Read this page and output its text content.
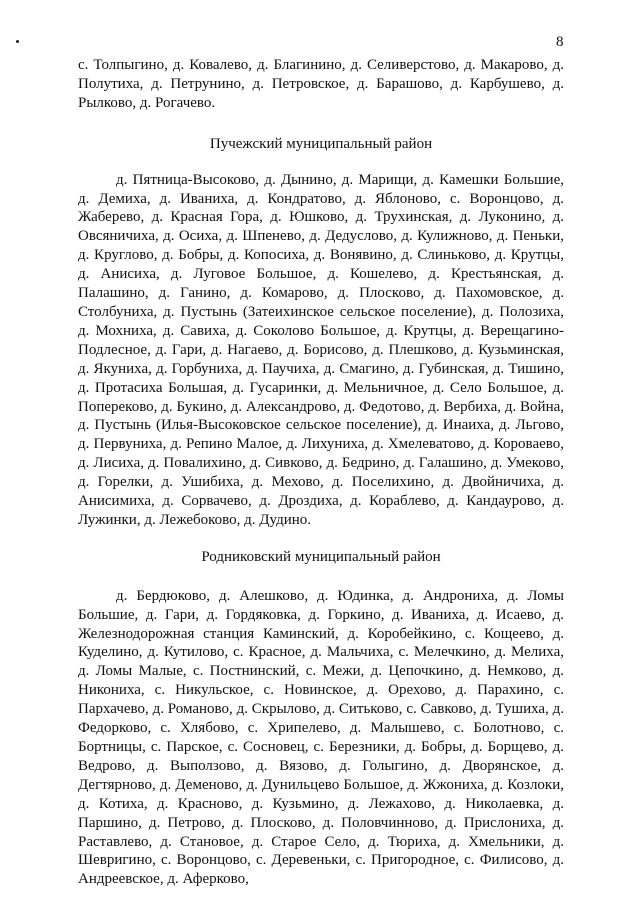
8

с. Толпыгино, д. Ковалево, д. Благинино, д. Селиверстово, д. Макарово, д. Полутиха, д. Петрунино, д. Петровское, д. Барашово, д. Карбушево, д. Рылково, д. Рогачево.

Пучежский муниципальный район

д. Пятница-Высоково, д. Дынино, д. Марищи, д. Камешки Большие, д. Демиха, д. Иваниха, д. Кондратово, д. Яблоново, с. Воронцово, д. Жаберево, д. Красная Гора, д. Юшково, д. Трухинская, д. Луконино, д. Овсяничиха, д. Осиха, д. Шпенево, д. Дедуслово, д. Кулижново, д. Пеньки, д. Круглово, д. Бобры, д. Копосиха, д. Вонявино, д. Слиньково, д. Крутцы, д. Анисиха, д. Луговое Большое, д. Кошелево, д. Крестьянская, д. Палашино, д. Ганино, д. Комарово, д. Плосково, д. Пахомовское, д. Столбуниха, д. Пустынь (Затеихинское сельское поселение), д. Полозиха, д. Мохниха, д. Савиха, д. Соколово Большое, д. Крутцы, д. Верещагино-Подлесное, д. Гари, д. Нагаево, д. Борисово, д. Плешково, д. Кузьминская, д. Якуниха, д. Горбуниха, д. Паучиха, д. Смагино, д. Губинская, д. Тишино, д. Протасиха Большая, д. Гусаринки, д. Мельничное, д. Село Большое, д. Попереково, д. Букино, д. Александрово, д. Федотово, д. Вербиха, д. Война, д. Пустынь (Илья-Высоковское сельское поселение), д. Инаиха, д. Льгово, д. Первуниха, д. Репино Малое, д. Лихуниха, д. Хмелеватово, д. Короваево, д. Лисиха, д. Повалихино, д. Сивково, д. Бедрино, д. Галашино, д. Умеково, д. Горелки, д. Ушибиха, д. Мехово, д. Поселихино, д. Двойничиха, д. Анисимиха, д. Сорвачево, д. Дроздиха, д. Кораблево, д. Кандаурово, д. Лужинки, д. Лежебоково, д. Дудино.

Родниковский муниципальный район

д. Бердюково, д. Алешково, д. Юдинка, д. Андрониха, д. Ломы Большие, д. Гари, д. Гордяковка, д. Горкино, д. Иваниха, д. Исаево, д. Железнодорожная станция Каминский, д. Коробейкино, с. Кощеево, д. Куделино, д. Кутилово, с. Красное, д. Мальчиха, с. Мелечкино, д. Мелиха, д. Ломы Малые, с. Постнинский, с. Межи, д. Цепочкино, д. Немково, д. Никониха, с. Никульское, с. Новинское, д. Орехово, д. Парахино, с. Пархачево, д. Романово, д. Скрылово, д. Ситьково, с. Савково, д. Тушиха, д. Федорково, с. Хлябово, с. Хрипелево, д. Малышево, с. Болотново, с. Бортницы, с. Парское, с. Сосновец, с. Березники, д. Бобры, д. Борщево, д. Ведрово, д. Выползово, д. Вязово, д. Голыгино, д. Дворянское, д. Дегтярново, д. Деменово, д. Дунильцево Большое, д. Жжониха, д. Козлоки, д. Котиха, д. Красново, д. Кузьмино, д. Лежахово, д. Николаевка, д. Паршино, д. Петрово, д. Плосково, д. Половчинново, д. Прислониха, д. Раставлево, д. Становое, д. Старое Село, д. Тюриха, д. Хмельники, д. Шевригино, с. Воронцово, с. Деревеньки, с. Пригородное, с. Филисово, д. Андреевское, д. Аферково,
